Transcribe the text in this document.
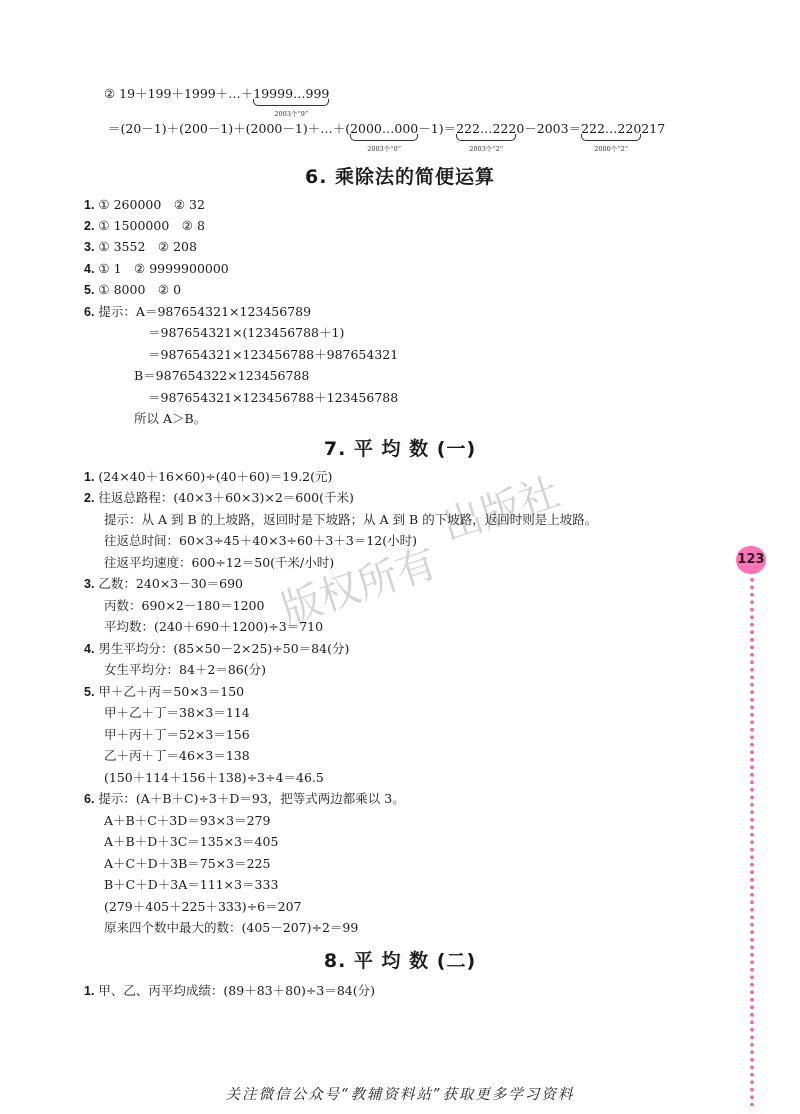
出版社
版权所有
② 19＋199＋1999＋…＋19999…999
2003个“9”
＝(20－1)＋(200－1)＋(2000－1)＋…＋(2000…000
2003个“0”
－1)＝222…222
2003个“2”
0－2003＝222…220
2000个“2”
217
6. 乘除法的简便运算
1. ① 260000　② 32
2. ① 1500000　② 8
3. ① 3552　② 208
4. ① 1　② 9999900000
5. ① 8000　② 0
6. 提示：A＝987654321×123456789
＝987654321×(123456788＋1)
＝987654321×123456788＋987654321
B＝987654322×123456788
＝987654321×123456788＋123456788
所以 A＞B。
7. 平 均 数 (一)
1. (24×40＋16×60)÷(40＋60)＝19.2(元)
2. 往返总路程：(40×3＋60×3)×2＝600(千米)
提示：从 A 到 B 的上坡路，返回时是下坡路；从 A 到 B 的下坡路，返回时则是上坡路。
往返总时间：60×3÷45＋40×3÷60＋3＋3＝12(小时)
往返平均速度：600÷12＝50(千米/小时)
3. 乙数：240×3－30＝690
丙数：690×2－180＝1200
平均数：(240＋690＋1200)÷3＝710
4. 男生平均分：(85×50－2×25)÷50＝84(分)
女生平均分：84＋2＝86(分)
5. 甲＋乙＋丙＝50×3＝150
甲＋乙＋丁＝38×3＝114
甲＋丙＋丁＝52×3＝156
乙＋丙＋丁＝46×3＝138
(150＋114＋156＋138)÷3÷4＝46.5
6. 提示：(A＋B＋C)÷3＋D＝93，把等式两边都乘以 3。
A＋B＋C＋3D＝93×3＝279
A＋B＋D＋3C＝135×3＝405
A＋C＋D＋3B＝75×3＝225
B＋C＋D＋3A＝111×3＝333
(279＋405＋225＋333)÷6＝207
原来四个数中最大的数：(405－207)÷2＝99
8. 平 均 数 (二)
1. 甲、乙、丙平均成绩：(89＋83＋80)÷3＝84(分)
123
关注微信公众号“教辅资料站”获取更多学习资料
